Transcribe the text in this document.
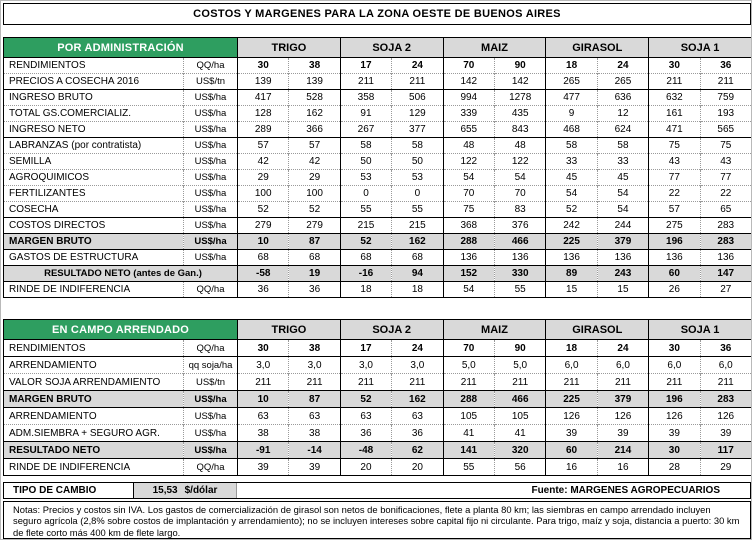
COSTOS Y MARGENES PARA LA ZONA OESTE DE BUENOS AIRES
POR ADMINISTRACIÓN		TRIGO		SOJA 2		MAIZ		GIRASOL		SOJA 1	
RENDIMIENTOS	QQ/ha	30	38	17	24	70	90	18	24	30	36
PRECIOS A COSECHA 2016	US$/tn	139	139	211	211	142	142	265	265	211	211
INGRESO BRUTO	US$/ha	417	528	358	506	994	1278	477	636	632	759
TOTAL GS.COMERCIALIZ.	US$/ha	128	162	91	129	339	435	9	12	161	193
INGRESO NETO	US$/ha	289	366	267	377	655	843	468	624	471	565
LABRANZAS (por contratista)	US$/ha	57	57	58	58	48	48	58	58	75	75
SEMILLA	US$/ha	42	42	50	50	122	122	33	33	43	43
AGROQUIMICOS	US$/ha	29	29	53	53	54	54	45	45	77	77
FERTILIZANTES	US$/ha	100	100	0	0	70	70	54	54	22	22
COSECHA	US$/ha	52	52	55	55	75	83	52	54	57	65
COSTOS DIRECTOS	US$/ha	279	279	215	215	368	376	242	244	275	283
MARGEN BRUTO	US$/ha	10	87	52	162	288	466	225	379	196	283
GASTOS DE ESTRUCTURA	US$/ha	68	68	68	68	136	136	136	136	136	136
RESULTADO NETO (antes de Gan.)		-58	19	-16	94	152	330	89	243	60	147
RINDE DE INDIFERENCIA	QQ/ha	36	36	18	18	54	55	15	15	26	27
EN CAMPO ARRENDADO		TRIGO		SOJA 2		MAIZ		GIRASOL		SOJA 1	
RENDIMIENTOS	QQ/ha	30	38	17	24	70	90	18	24	30	36
ARRENDAMIENTO	qq soja/ha	3,0	3,0	3,0	3,0	5,0	5,0	6,0	6,0	6,0	6,0
VALOR SOJA ARRENDAMIENTO	US$/tn	211	211	211	211	211	211	211	211	211	211
MARGEN BRUTO	US$/ha	10	87	52	162	288	466	225	379	196	283
ARRENDAMIENTO	US$/ha	63	63	63	63	105	105	126	126	126	126
ADM.SIEMBRA + SEGURO AGR.	US$/ha	38	38	36	36	41	41	39	39	39	39
RESULTADO NETO	US$/ha	-91	-14	-48	62	141	320	60	214	30	117
RINDE DE INDIFERENCIA	QQ/ha	39	39	20	20	55	56	16	16	28	29
TIPO DE CAMBIO	15,53 $/dólar	Fuente: MARGENES AGROPECUARIOS
Notas: Precios y costos sin IVA. Los gastos de comercialización de girasol son netos de bonificaciones, flete a planta 80 km; las siembras en campo arrendado incluyen seguro agrícola (2,8% sobre costos de implantación y arrendamiento); no se incluyen intereses sobre capital fijo ni circulante. Para trigo, maíz y soja, distancia a puerto: 30 km de flete corto más 400 km de flete largo.
